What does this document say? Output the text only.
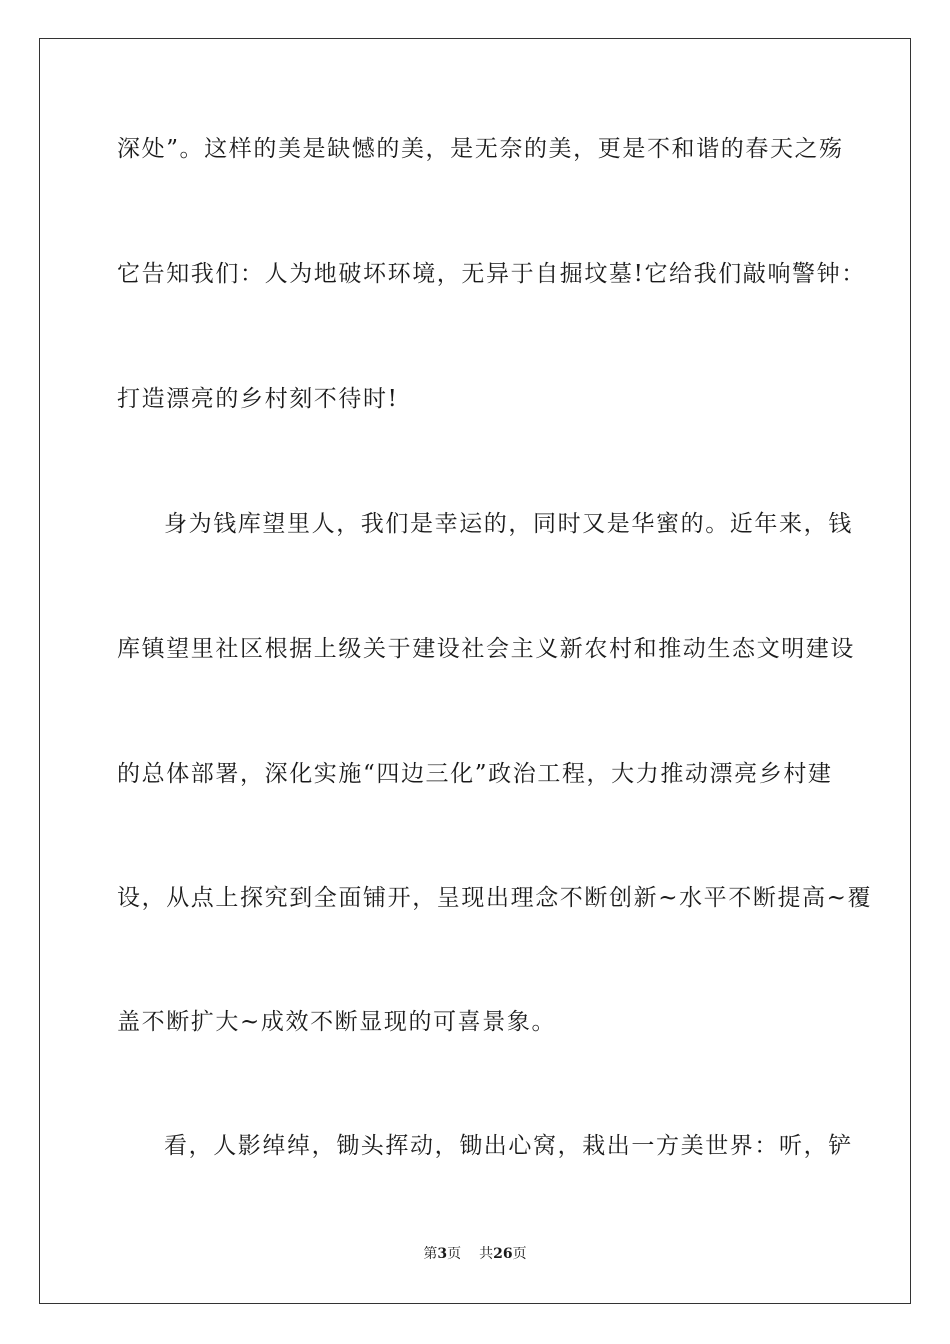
深处”。这样的美是缺憾的美，是无奈的美，更是不和谐的春天之殇
它告知我们：人为地破坏环境，无异于自掘坟墓!它给我们敲响警钟：
打造漂亮的乡村刻不待时!
身为钱库望里人，我们是幸运的，同时又是华蜜的。近年来，钱
库镇望里社区根据上级关于建设社会主义新农村和推动生态文明建设
的总体部署，深化实施“四边三化”政治工程，大力推动漂亮乡村建
设，从点上探究到全面铺开，呈现出理念不断创新~水平不断提高~覆
盖不断扩大~成效不断显现的可喜景象。
看，人影绰绰，锄头挥动，锄出心窝，栽出一方美世界：听，铲
第3页 共26页
